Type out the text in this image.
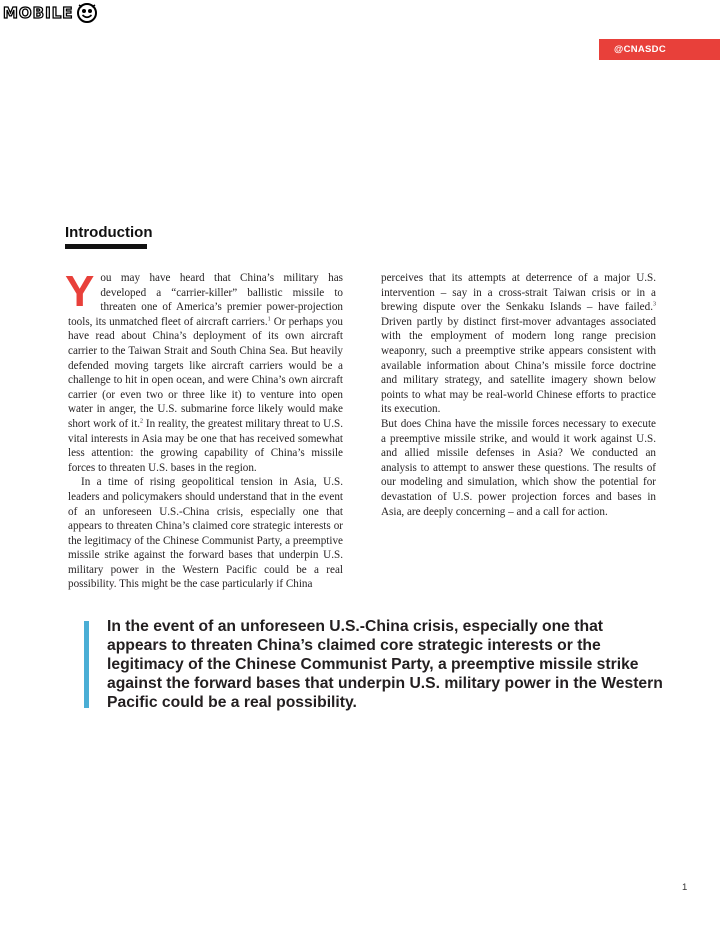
MOBILE
@CNASDC
Introduction

You may have heard that China’s military has developed a “carrier-killer” ballistic missile to threaten one of America’s premier power-projection tools, its unmatched fleet of aircraft carriers.$^1$ Or perhaps you have read about China’s deployment of its own aircraft carrier to the Taiwan Strait and South China Sea. But heavily defended moving targets like aircraft carriers would be a challenge to hit in open ocean, and were China’s own aircraft carrier (or even two or three like it) to venture into open water in anger, the U.S. submarine force likely would make short work of it.$^2$ In reality, the greatest military threat to U.S. vital interests in Asia may be one that has received somewhat less attention: the growing capability of China’s missile forces to threaten U.S. bases in the region.

In a time of rising geopolitical tension in Asia, U.S. leaders and policymakers should understand that in the event of an unforeseen U.S.-China crisis, especially one that appears to threaten China’s claimed core strategic interests or the legitimacy of the Chinese Communist Party, a preemptive missile strike against the forward bases that underpin U.S. military power in the Western Pacific could be a real possibility. This might be the case particularly if China

perceives that its attempts at deterrence of a major U.S. intervention – say in a cross-strait Taiwan crisis or in a brewing dispute over the Senkaku Islands – have failed.$^3$ Driven partly by distinct first-mover advantages associated with the employment of modern long range precision weaponry, such a preemptive strike appears consistent with available information about China’s missile force doctrine and military strategy, and satellite imagery shown below points to what may be real-world Chinese efforts to practice its execution.

But does China have the missile forces necessary to execute a preemptive missile strike, and would it work against U.S. and allied missile defenses in Asia? We conducted an analysis to attempt to answer these questions. The results of our modeling and simulation, which show the potential for devastation of U.S. power projection forces and bases in Asia, are deeply concerning – and a call for action.

In the event of an unforeseen U.S.-China crisis, especially one that appears to threaten China’s claimed core strategic interests or the legitimacy of the Chinese Communist Party, a preemptive missile strike against the forward bases that underpin U.S. military power in the Western Pacific could be a real possibility.

1
